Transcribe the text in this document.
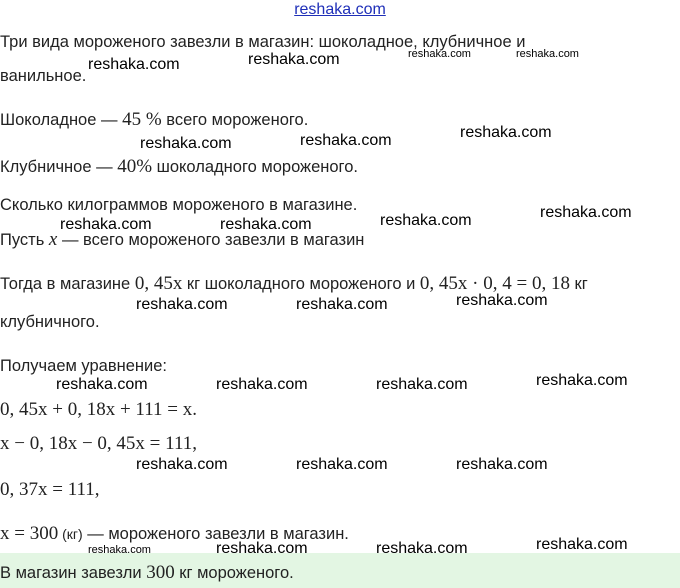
reshaka.com
Три вида мороженого завезли в магазин: шоколадное, клубничное и
ванильное.
Шоколадное — 45 % всего мороженого.
Клубничное — 40% шоколадного мороженого.
Сколько килограммов мороженого в магазине.
Пусть x — всего мороженого завезли в магазин
Тогда в магазине 0, 45x кг шоколадного мороженого и 0, 45x · 0, 4 = 0, 18 кг
клубничного.
Получаем уравнение:
0, 45x + 0, 18x + 111 = x.
x − 0, 18x − 0, 45x = 111,
0, 37x = 111,
x = 300 (кг) — мороженого завезли в магазин.
В магазин завезли 300 кг мороженого.
reshaka.com	reshaka.com	reshaka.com	reshaka.com
reshaka.com	reshaka.com	reshaka.com
reshaka.com	reshaka.com	reshaka.com	reshaka.com
reshaka.com	reshaka.com	reshaka.com
reshaka.com	reshaka.com	reshaka.com	reshaka.com
reshaka.com	reshaka.com	reshaka.com
reshaka.com	reshaka.com	reshaka.com	reshaka.com
